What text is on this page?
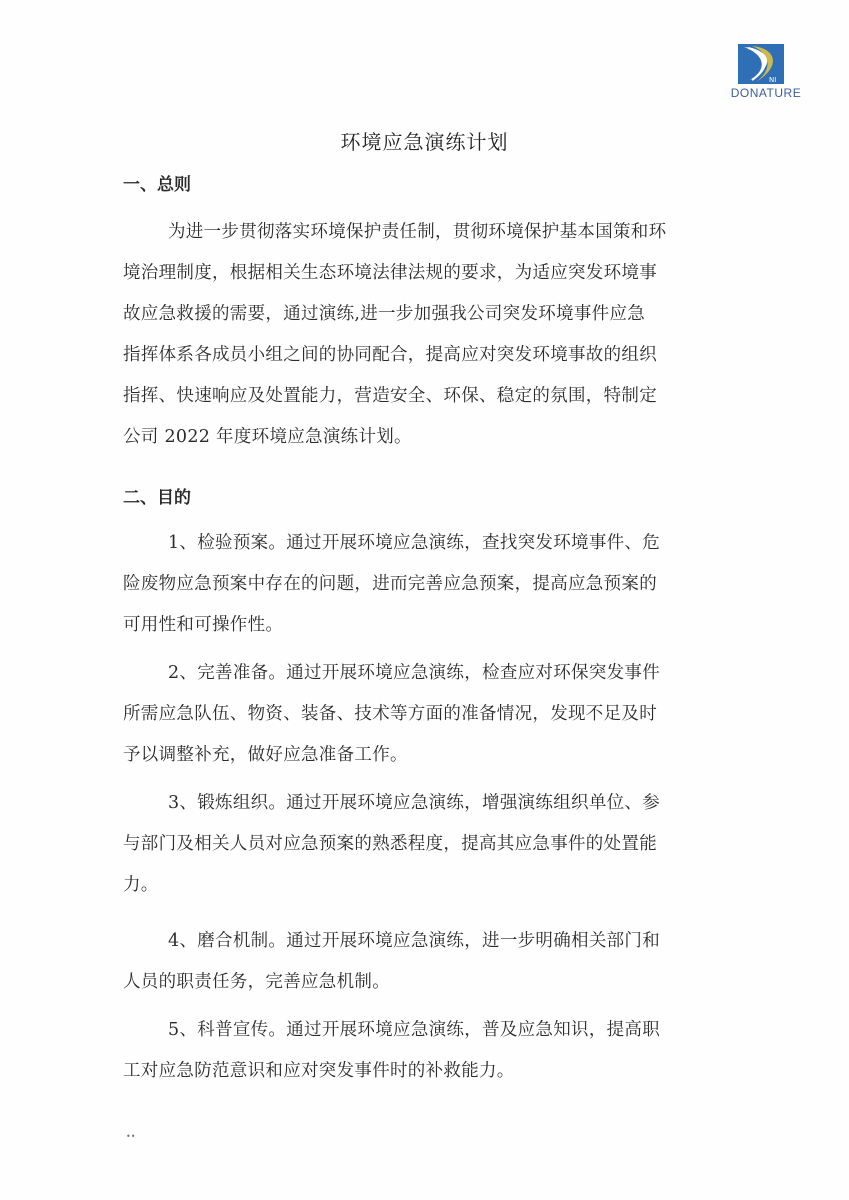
NI
DONATURE
环境应急演练计划
一、总则
为进一步贯彻落实环境保护责任制，贯彻环境保护基本国策和环
境治理制度，根据相关生态环境法律法规的要求，为适应突发环境事
故应急救援的需要，通过演练,进一步加强我公司突发环境事件应急
指挥体系各成员小组之间的协同配合，提高应对突发环境事故的组织
指挥、快速响应及处置能力，营造安全、环保、稳定的氛围，特制定
公司 2022 年度环境应急演练计划。
二、目的
1、检验预案。通过开展环境应急演练，查找突发环境事件、危
险废物应急预案中存在的问题，进而完善应急预案，提高应急预案的
可用性和可操作性。
2、完善准备。通过开展环境应急演练，检查应对环保突发事件
所需应急队伍、物资、装备、技术等方面的准备情况，发现不足及时
予以调整补充，做好应急准备工作。
3、锻炼组织。通过开展环境应急演练，增强演练组织单位、参
与部门及相关人员对应急预案的熟悉程度，提高其应急事件的处置能
力。
4、磨合机制。通过开展环境应急演练，进一步明确相关部门和
人员的职责任务，完善应急机制。
5、科普宣传。通过开展环境应急演练，普及应急知识，提高职
工对应急防范意识和应对突发事件时的补救能力。
••
